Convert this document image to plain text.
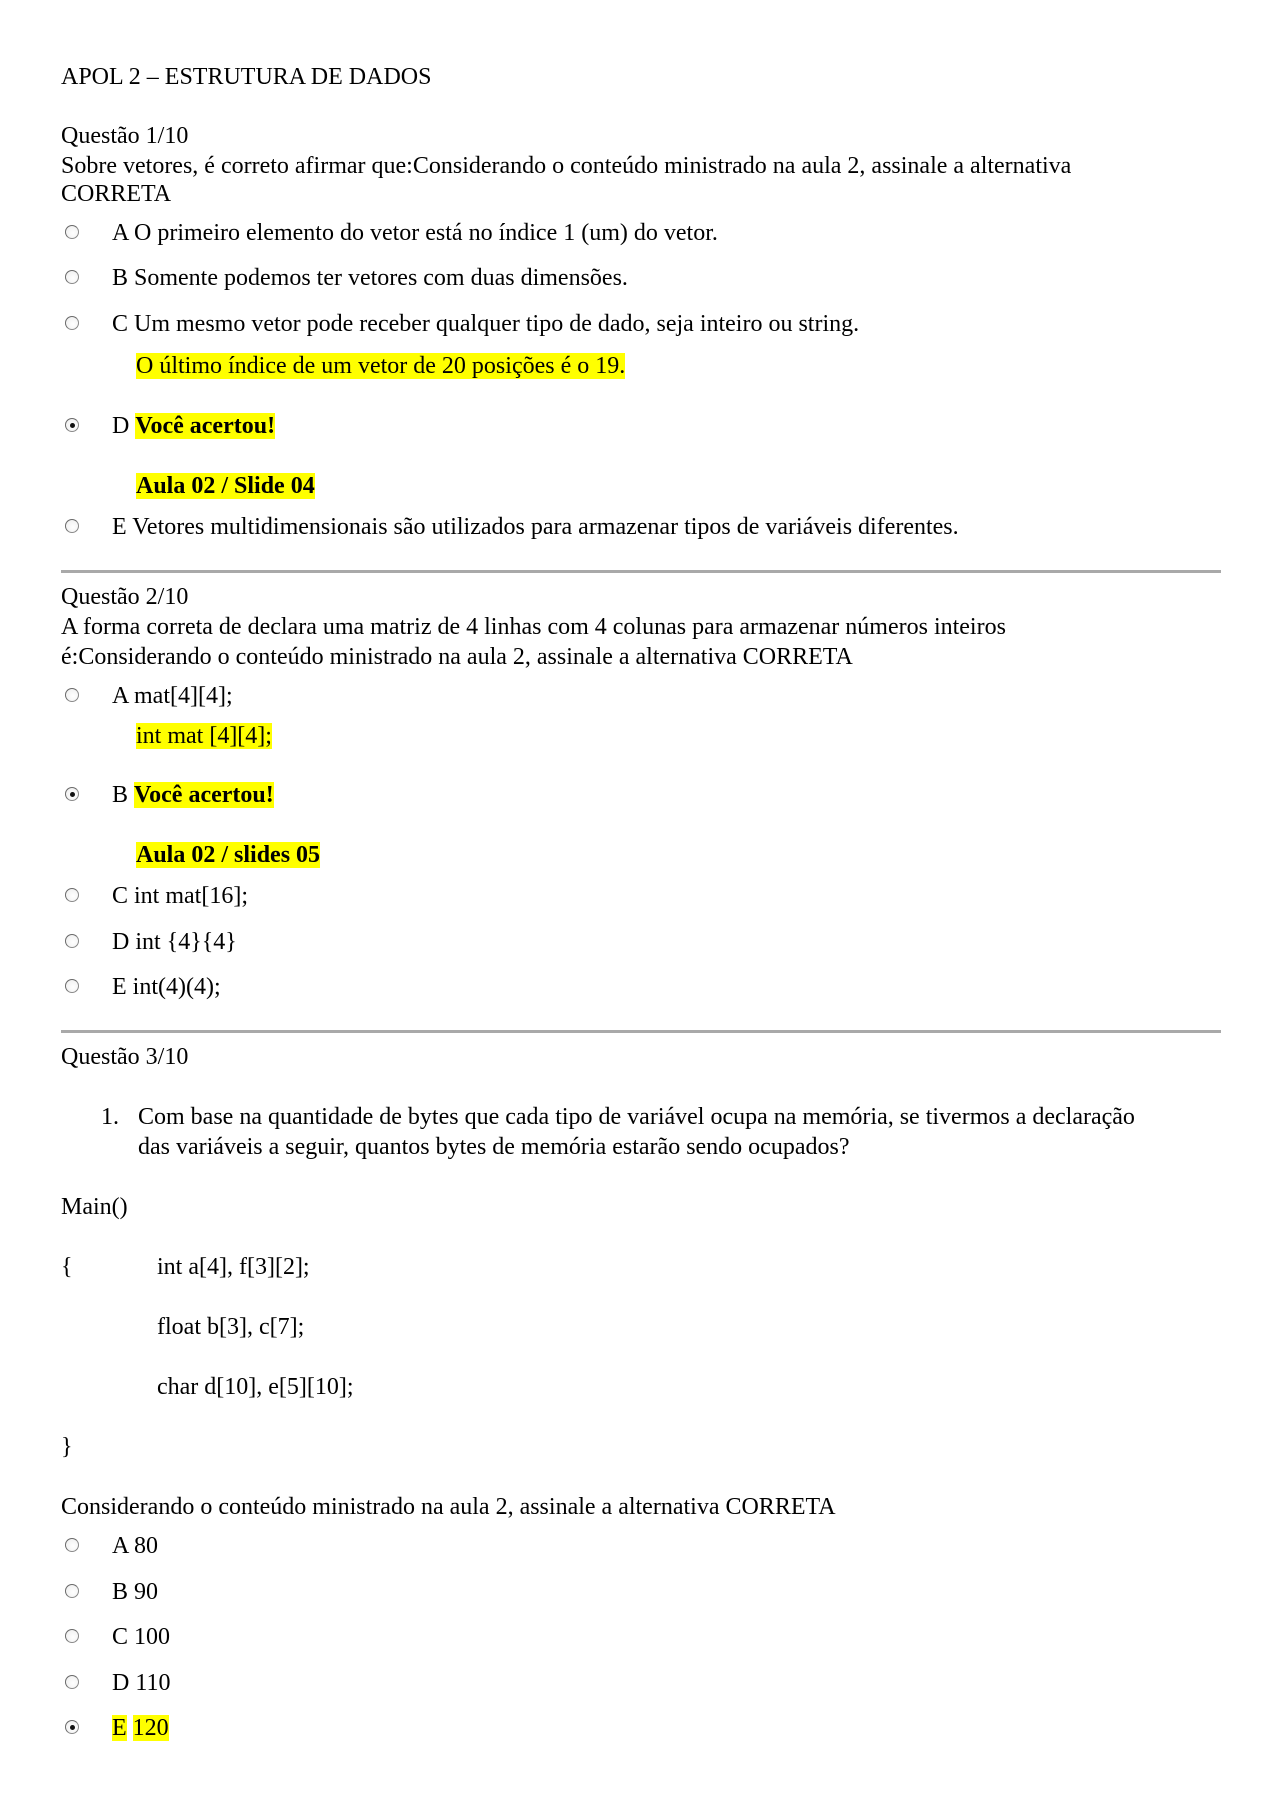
APOL 2 – ESTRUTURA DE DADOS
Questão 1/10
Sobre vetores, é correto afirmar que:Considerando o conteúdo ministrado na aula 2, assinale a alternativa CORRETA
A O primeiro elemento do vetor está no índice 1 (um) do vetor.
B Somente podemos ter vetores com duas dimensões.
C Um mesmo vetor pode receber qualquer tipo de dado, seja inteiro ou string.
O último índice de um vetor de 20 posições é o 19.
D Você acertou!
Aula 02 / Slide 04
E Vetores multidimensionais são utilizados para armazenar tipos de variáveis diferentes.
Questão 2/10
A forma correta de declara uma matriz de 4 linhas com 4 colunas para armazenar números inteiros
é:Considerando o conteúdo ministrado na aula 2, assinale a alternativa CORRETA
A mat[4][4];
int mat [4][4];
B Você acertou!
Aula 02 / slides 05
C int mat[16];
D int {4}{4}
E int(4)(4);
Questão 3/10
1. Com base na quantidade de bytes que cada tipo de variável ocupa na memória, se tivermos a declaração
das variáveis a seguir, quantos bytes de memória estarão sendo ocupados?
Main()
{	int a[4], f[3][2];
float b[3], c[7];
char d[10], e[5][10];
}
Considerando o conteúdo ministrado na aula 2, assinale a alternativa CORRETA
A 80
B 90
C 100
D 110
E 120
